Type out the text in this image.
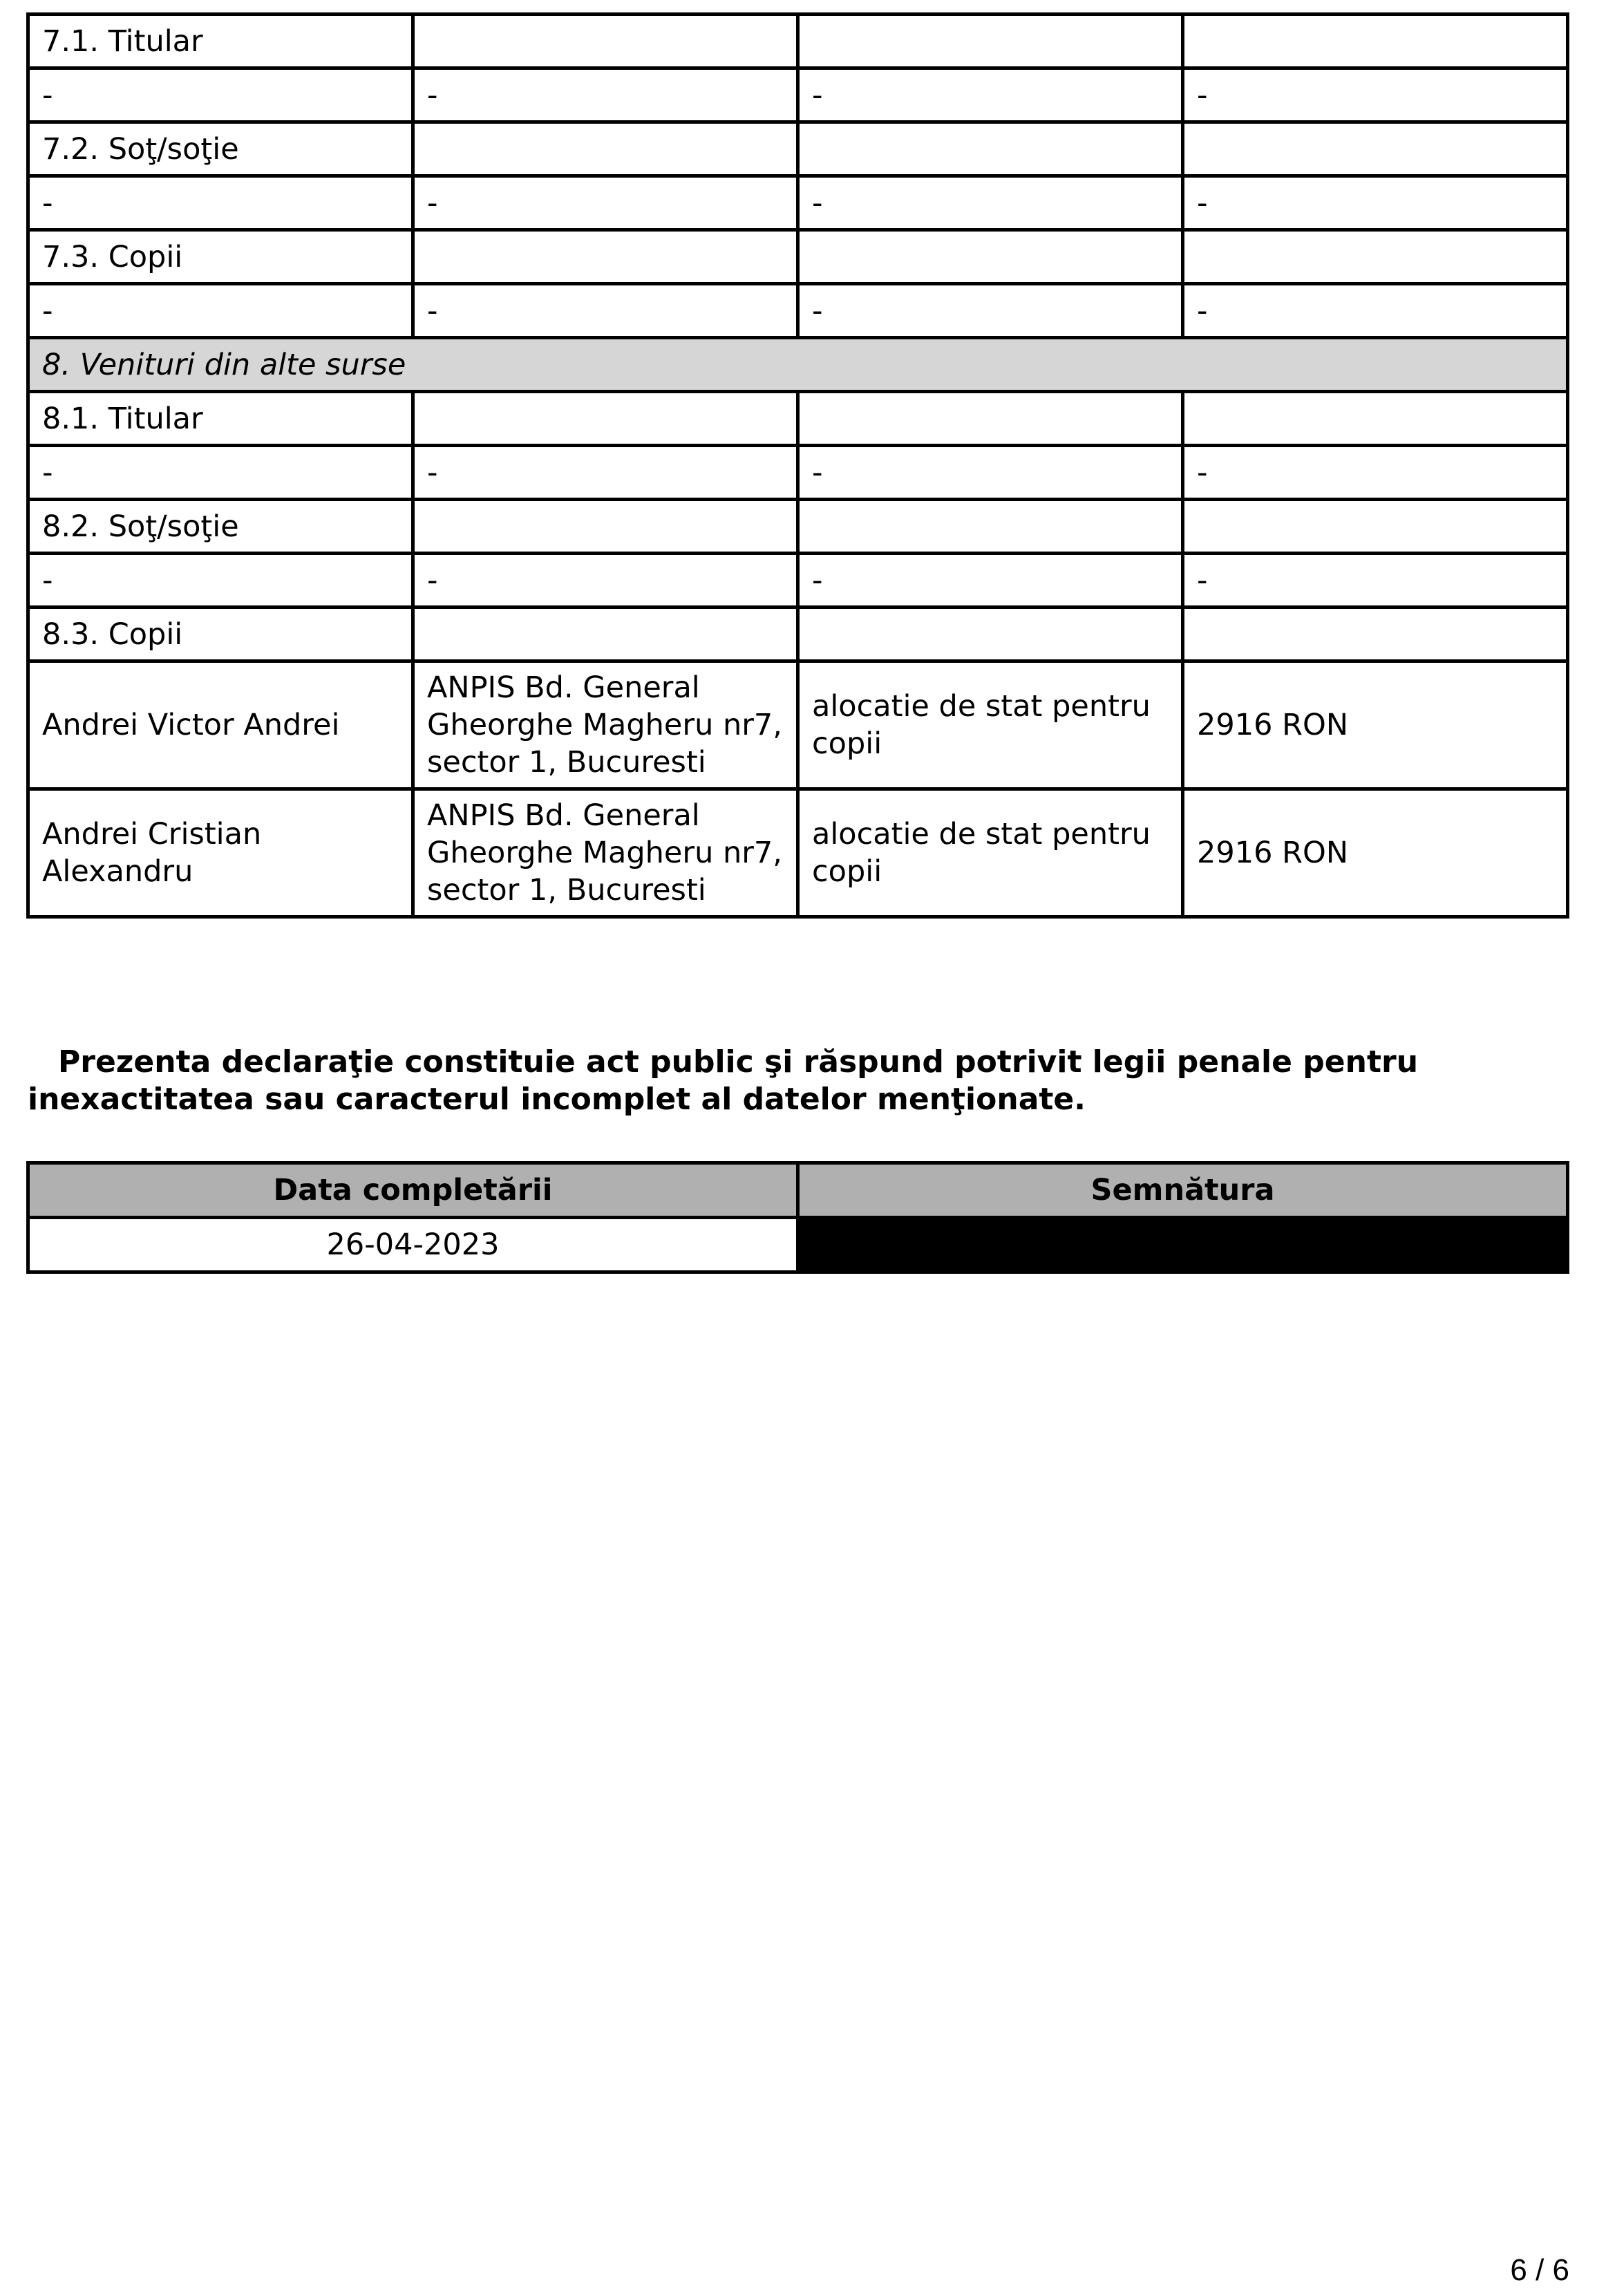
7.1. Titular			
-	-	-	-
7.2. Soţ/soţie			
-	-	-	-
7.3. Copii			
-	-	-	-
8. Venituri din alte surse			
8.1. Titular			
-	-	-	-
8.2. Soţ/soţie			
-	-	-	-
8.3. Copii			
Andrei Victor Andrei	ANPIS Bd. General Gheorghe Magheru nr7, sector 1, Bucuresti	alocatie de stat pentru copii	2916 RON
Andrei Cristian Alexandru	ANPIS Bd. General Gheorghe Magheru nr7, sector 1, Bucuresti	alocatie de stat pentru copii	2916 RON

Prezenta declaraţie constituie act public şi răspund potrivit legii penale pentru inexactitatea sau caracterul incomplet al datelor menţionate.

Data completării	Semnătura
26-04-2023	
6 / 6
